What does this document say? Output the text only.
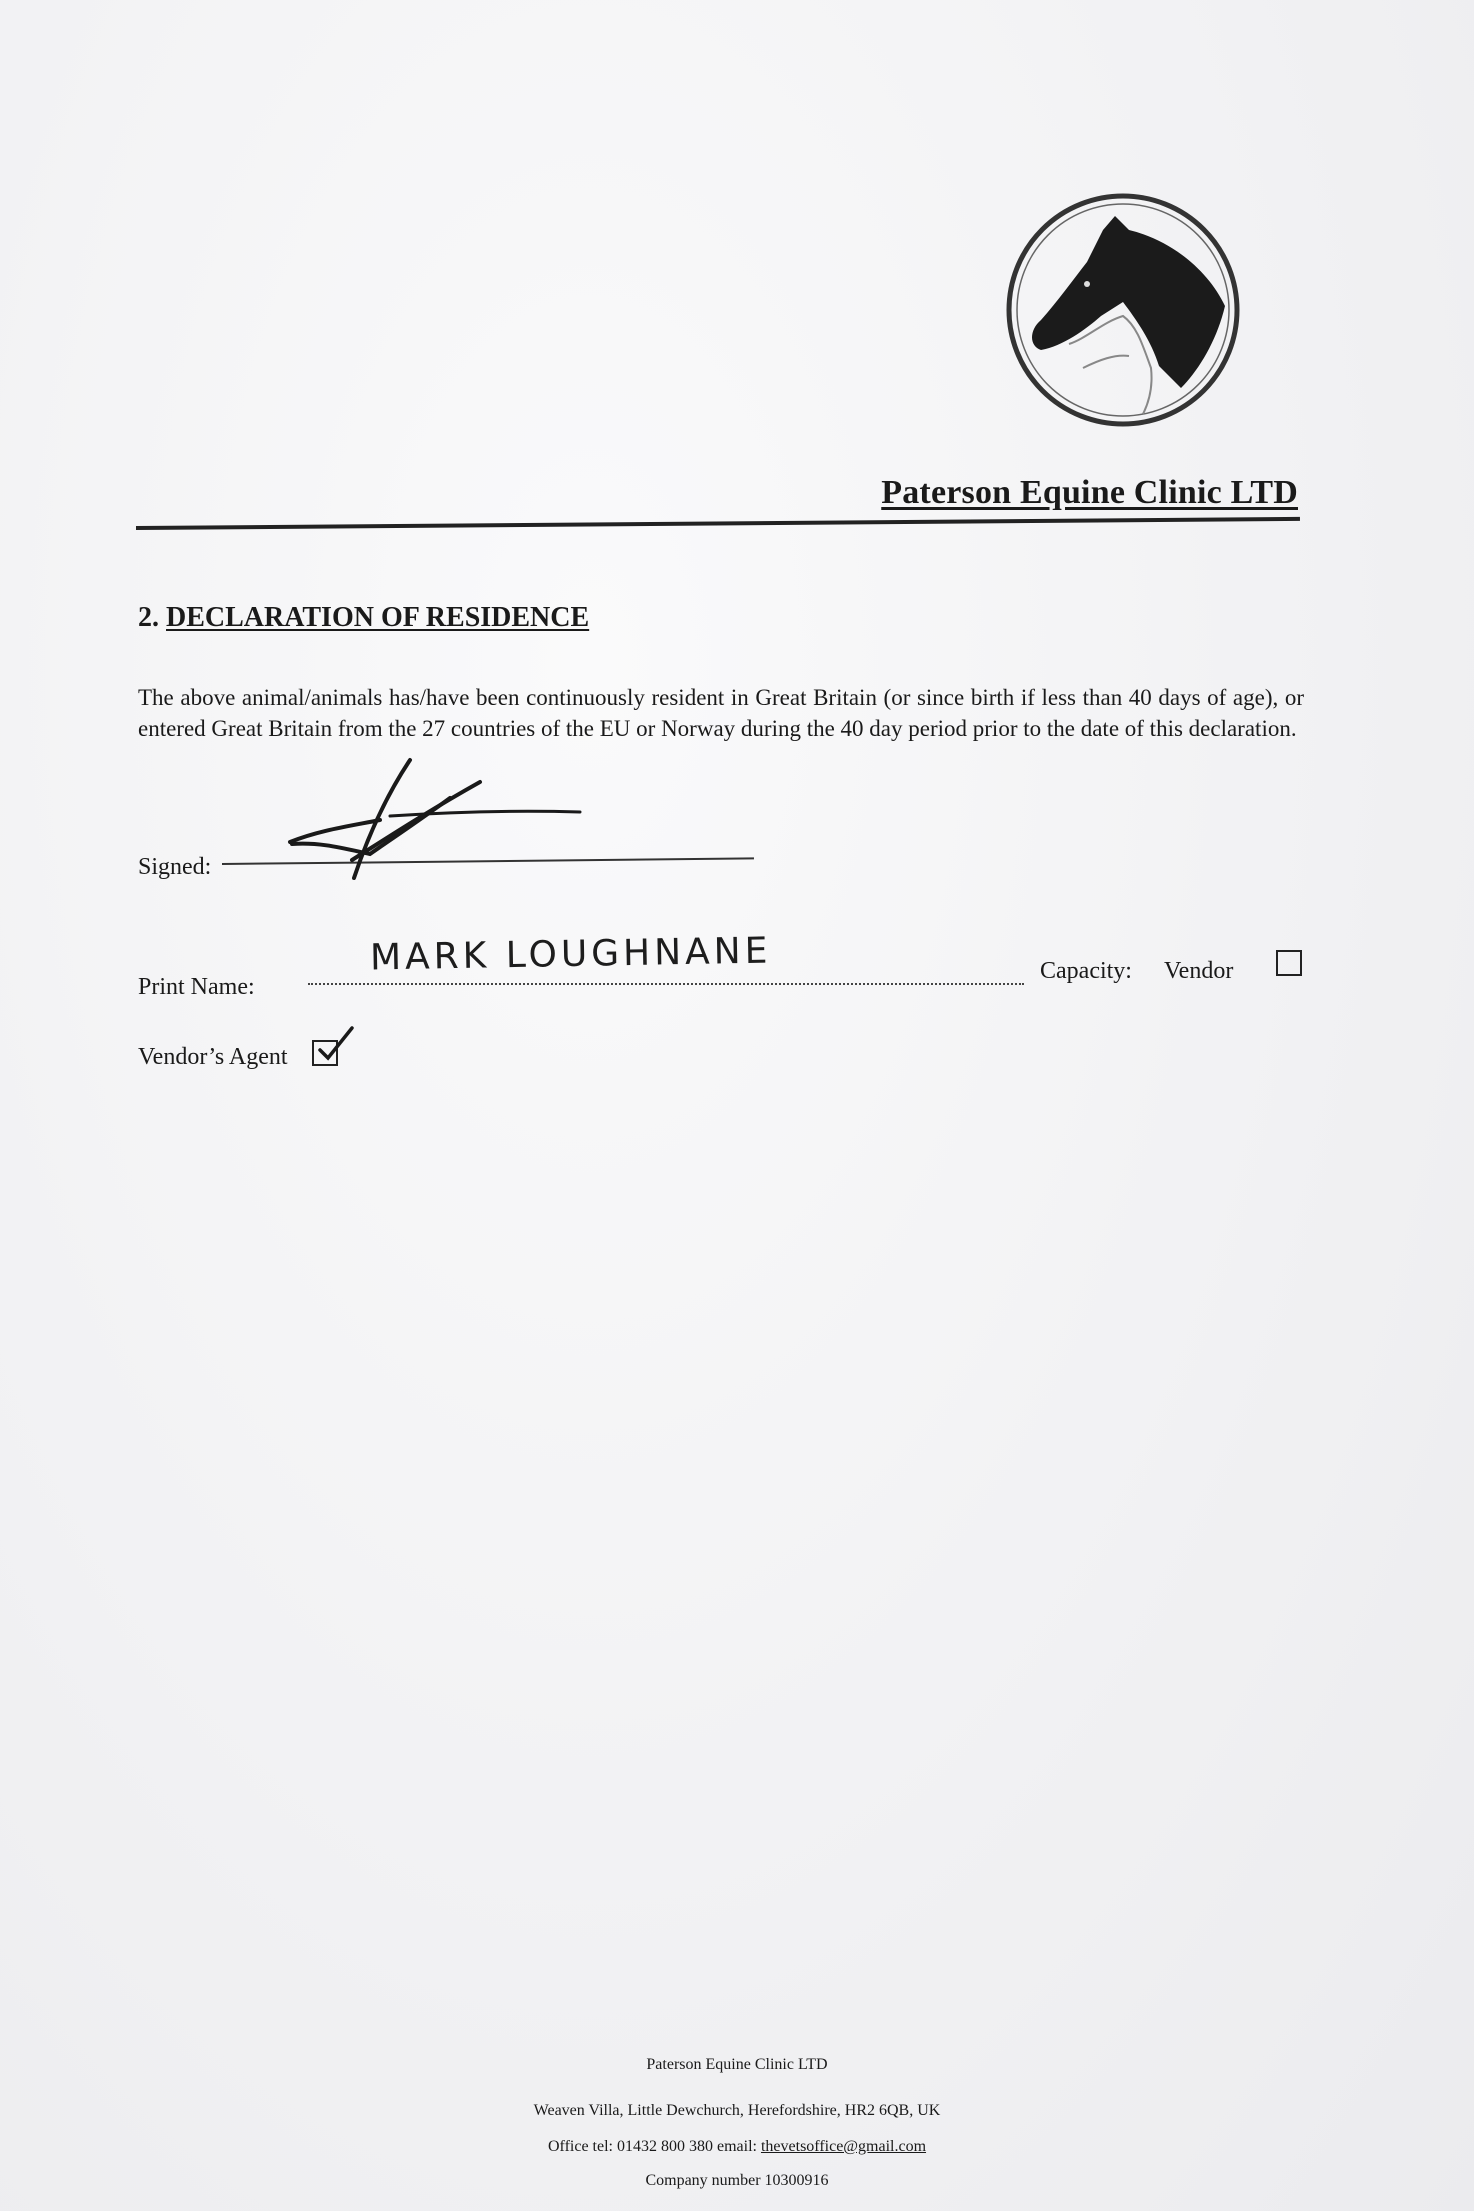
Paterson Equine Clinic LTD
2. DECLARATION OF RESIDENCE
The above animal/animals has/have been continuously resident in Great Britain (or since birth if less than 40 days of age), or entered Great Britain from the 27 countries of the EU or Norway during the 40 day period prior to the date of this declaration.
Signed:
Print Name:
MARK LOUGHNANE	Capacity: Vendor
Vendor’s Agent
Paterson Equine Clinic LTD
Weaven Villa, Little Dewchurch, Herefordshire, HR2 6QB, UK
Office tel: 01432 800 380 email: thevetsoffice@gmail.com
Company number 10300916
